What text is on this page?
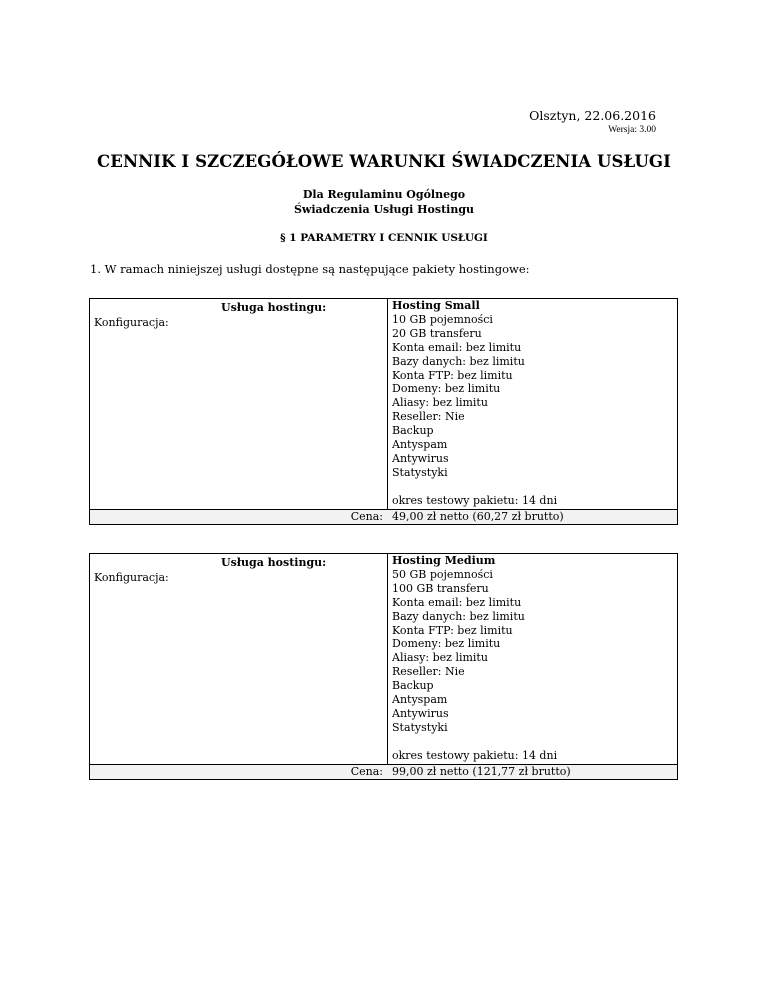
Olsztyn, 22.06.2016
Wersja: 3.00
CENNIK I SZCZEGÓŁOWE WARUNKI ŚWIADCZENIA USŁUGI
Dla Regulaminu Ogólnego
Świadczenia Usługi Hostingu
§ 1 PARAMETRY I CENNIK USŁUGI
1. W ramach niniejszej usługi dostępne są następujące pakiety hostingowe:
Usługa hostingu:
Konfiguracja:
Hosting Small
10 GB pojemności
20 GB transferu
Konta email: bez limitu
Bazy danych: bez limitu
Konta FTP: bez limitu
Domeny: bez limitu
Aliasy: bez limitu
Reseller: Nie
Backup
Antyspam
Antywirus
Statystyki
okres testowy pakietu: 14 dni
Cena: 49,00 zł netto (60,27 zł brutto)
Usługa hostingu:
Konfiguracja:
Hosting Medium
50 GB pojemności
100 GB transferu
Konta email: bez limitu
Bazy danych: bez limitu
Konta FTP: bez limitu
Domeny: bez limitu
Aliasy: bez limitu
Reseller: Nie
Backup
Antyspam
Antywirus
Statystyki
okres testowy pakietu: 14 dni
Cena: 99,00 zł netto (121,77 zł brutto)
